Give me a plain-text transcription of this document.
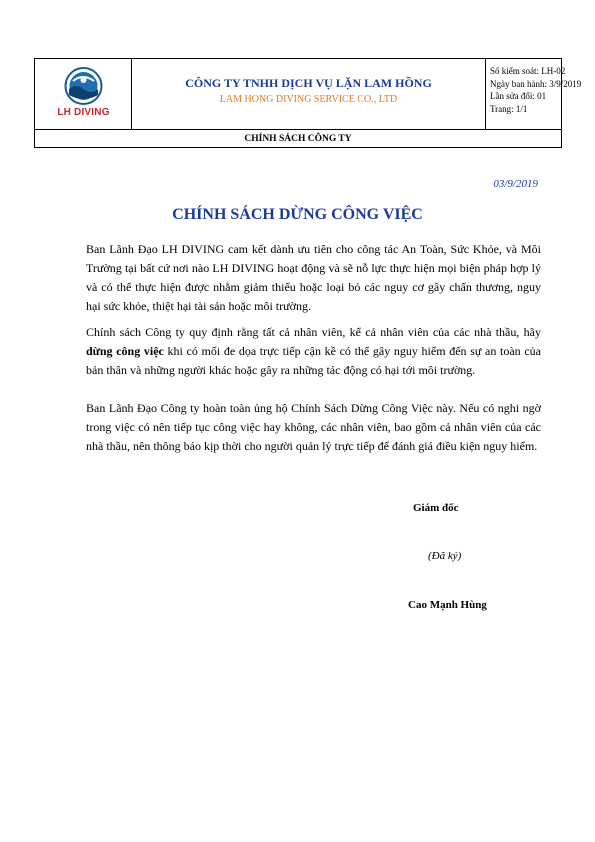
LH DIVING
CÔNG TY TNHH DỊCH VỤ LẶN LAM HỒNG
LAM HONG DIVING SERVICE CO., LTD
Số kiểm soát: LH-02
Ngày ban hành: 3/9/2019
Lần sửa đổi: 01
Trang: 1/1
CHÍNH SÁCH CÔNG TY
03/9/2019
CHÍNH SÁCH DỪNG CÔNG VIỆC
Ban Lãnh Đạo LH DIVING cam kết dành ưu tiên cho công tác An Toàn, Sức Khỏe, và Môi Trường tại bất cứ nơi nào LH DIVING hoạt động và sẽ nỗ lực thực hiện mọi biện pháp hợp lý và có thể thực hiện được nhằm giảm thiểu hoặc loại bỏ các nguy cơ gây chấn thương, nguy hại sức khỏe, thiệt hại tài sản hoặc môi trường.
Chính sách Công ty quy định rằng tất cả nhân viên, kể cả nhân viên của các nhà thầu, hãy dừng công việc khi có mối đe dọa trực tiếp cận kề có thể gây nguy hiểm đến sự an toàn của bản thân và những người khác hoặc gây ra những tác động có hại tới môi trường.
Ban Lãnh Đạo Công ty hoàn toàn ủng hộ Chính Sách Dừng Công Việc này. Nếu có nghi ngờ trong việc có nên tiếp tục công việc hay không, các nhân viên, bao gồm cả nhân viên của các nhà thầu, nên thông báo kịp thời cho người quản lý trực tiếp để đánh giá điều kiện nguy hiểm.
Giám đốc
(Đã ký)
Cao Mạnh Hùng
